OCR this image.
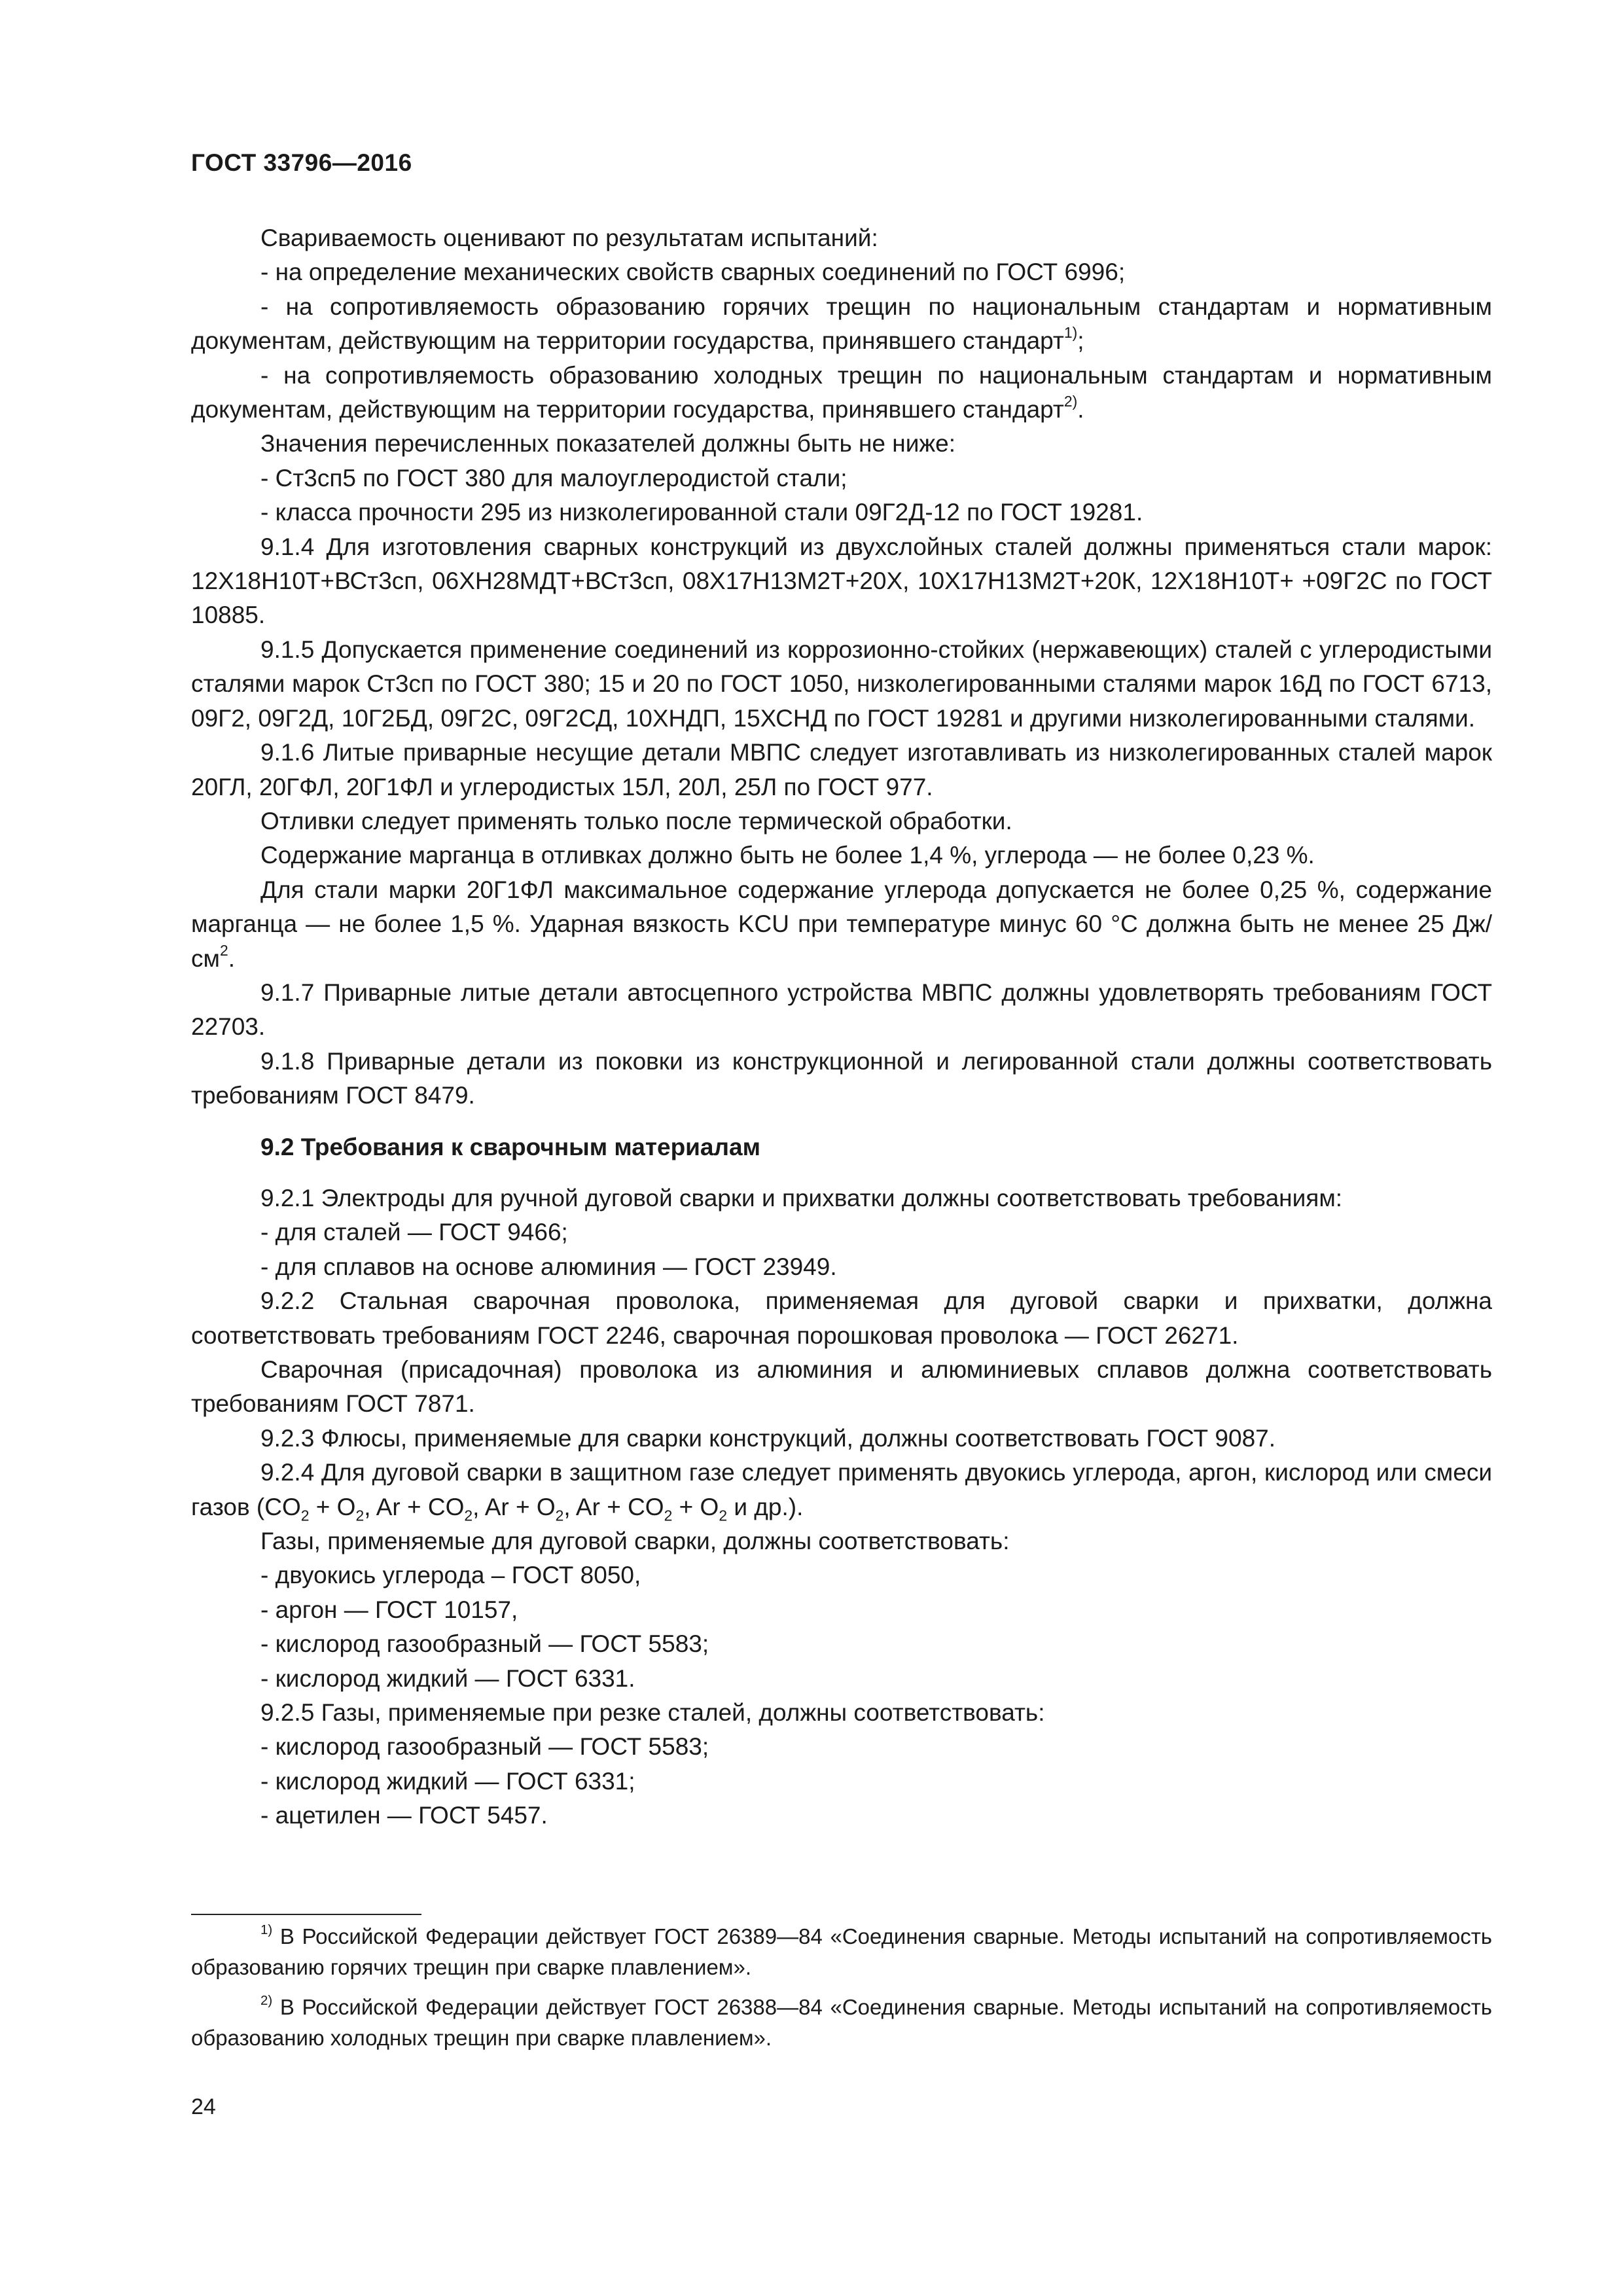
ГОСТ 33796—2016

Свариваемость оценивают по результатам испытаний:

- на определение механических свойств сварных соединений по ГОСТ 6996;

- на сопротивляемость образованию горячих трещин по национальным стандартам и нормативным документам, действующим на территории государства, принявшего стандарт$^{1)}$;

- на сопротивляемость образованию холодных трещин по национальным стандартам и нормативным документам, действующим на территории государства, принявшего стандарт$^{2)}$.

Значения перечисленных показателей должны быть не ниже:

- Ст3сп5 по ГОСТ 380 для малоуглеродистой стали;

- класса прочности 295 из низколегированной стали 09Г2Д-12 по ГОСТ 19281.

9.1.4 Для изготовления сварных конструкций из двухслойных сталей должны применяться стали марок: 12Х18Н10Т+ВСт3сп, 06ХН28МДТ+ВСт3сп, 08Х17Н13М2Т+20Х, 10Х17Н13М2Т+20К, 12Х18Н10Т+ +09Г2С по ГОСТ 10885.

9.1.5 Допускается применение соединений из коррозионно-стойких (нержавеющих) сталей с углеродистыми сталями марок Ст3сп по ГОСТ 380; 15 и 20 по ГОСТ 1050, низколегированными сталями марок 16Д по ГОСТ 6713, 09Г2, 09Г2Д, 10Г2БД, 09Г2С, 09Г2СД, 10ХНДП, 15ХСНД по ГОСТ 19281 и другими низколегированными сталями.

9.1.6 Литые приварные несущие детали МВПС следует изготавливать из низколегированных сталей марок 20ГЛ, 20ГФЛ, 20Г1ФЛ и углеродистых 15Л, 20Л, 25Л по ГОСТ 977.

Отливки следует применять только после термической обработки.

Содержание марганца в отливках должно быть не более 1,4 %, углерода — не более 0,23 %.

Для стали марки 20Г1ФЛ максимальное содержание углерода допускается не более 0,25 %, содержание марганца — не более 1,5 %. Ударная вязкость KCU при температуре минус 60 °С должна быть не менее 25 $Дж/см^2$.

9.1.7 Приварные литые детали автосцепного устройства МВПС должны удовлетворять требованиям ГОСТ 22703.

9.1.8 Приварные детали из поковки из конструкционной и легированной стали должны соответствовать требованиям ГОСТ 8479.

9.2 Требования к сварочным материалам

9.2.1 Электроды для ручной дуговой сварки и прихватки должны соответствовать требованиям:

- для сталей — ГОСТ 9466;

- для сплавов на основе алюминия — ГОСТ 23949.

9.2.2 Стальная сварочная проволока, применяемая для дуговой сварки и прихватки, должна соответствовать требованиям ГОСТ 2246, сварочная порошковая проволока — ГОСТ 26271.

Сварочная (присадочная) проволока из алюминия и алюминиевых сплавов должна соответствовать требованиям ГОСТ 7871.

9.2.3 Флюсы, применяемые для сварки конструкций, должны соответствовать ГОСТ 9087.

9.2.4 Для дуговой сварки в защитном газе следует применять двуокись углерода, аргон, кислород или смеси газов ($CO_2 + O_2$, $Ar + CO_2$, $Ar + O_2$, $Ar + CO_2 + O_2$ и др.).

Газы, применяемые для дуговой сварки, должны соответствовать:

- двуокись углерода – ГОСТ 8050,

- аргон — ГОСТ 10157,

- кислород газообразный — ГОСТ 5583;

- кислород жидкий — ГОСТ 6331.

9.2.5 Газы, применяемые при резке сталей, должны соответствовать:

- кислород газообразный — ГОСТ 5583;

- кислород жидкий — ГОСТ 6331;

- ацетилен — ГОСТ 5457.

$^{1)}$ В Российской Федерации действует ГОСТ 26389—84 «Соединения сварные. Методы испытаний на сопротивляемость образованию горячих трещин при сварке плавлением».

$^{2)}$ В Российской Федерации действует ГОСТ 26388—84 «Соединения сварные. Методы испытаний на сопротивляемость образованию холодных трещин при сварке плавлением».

24
